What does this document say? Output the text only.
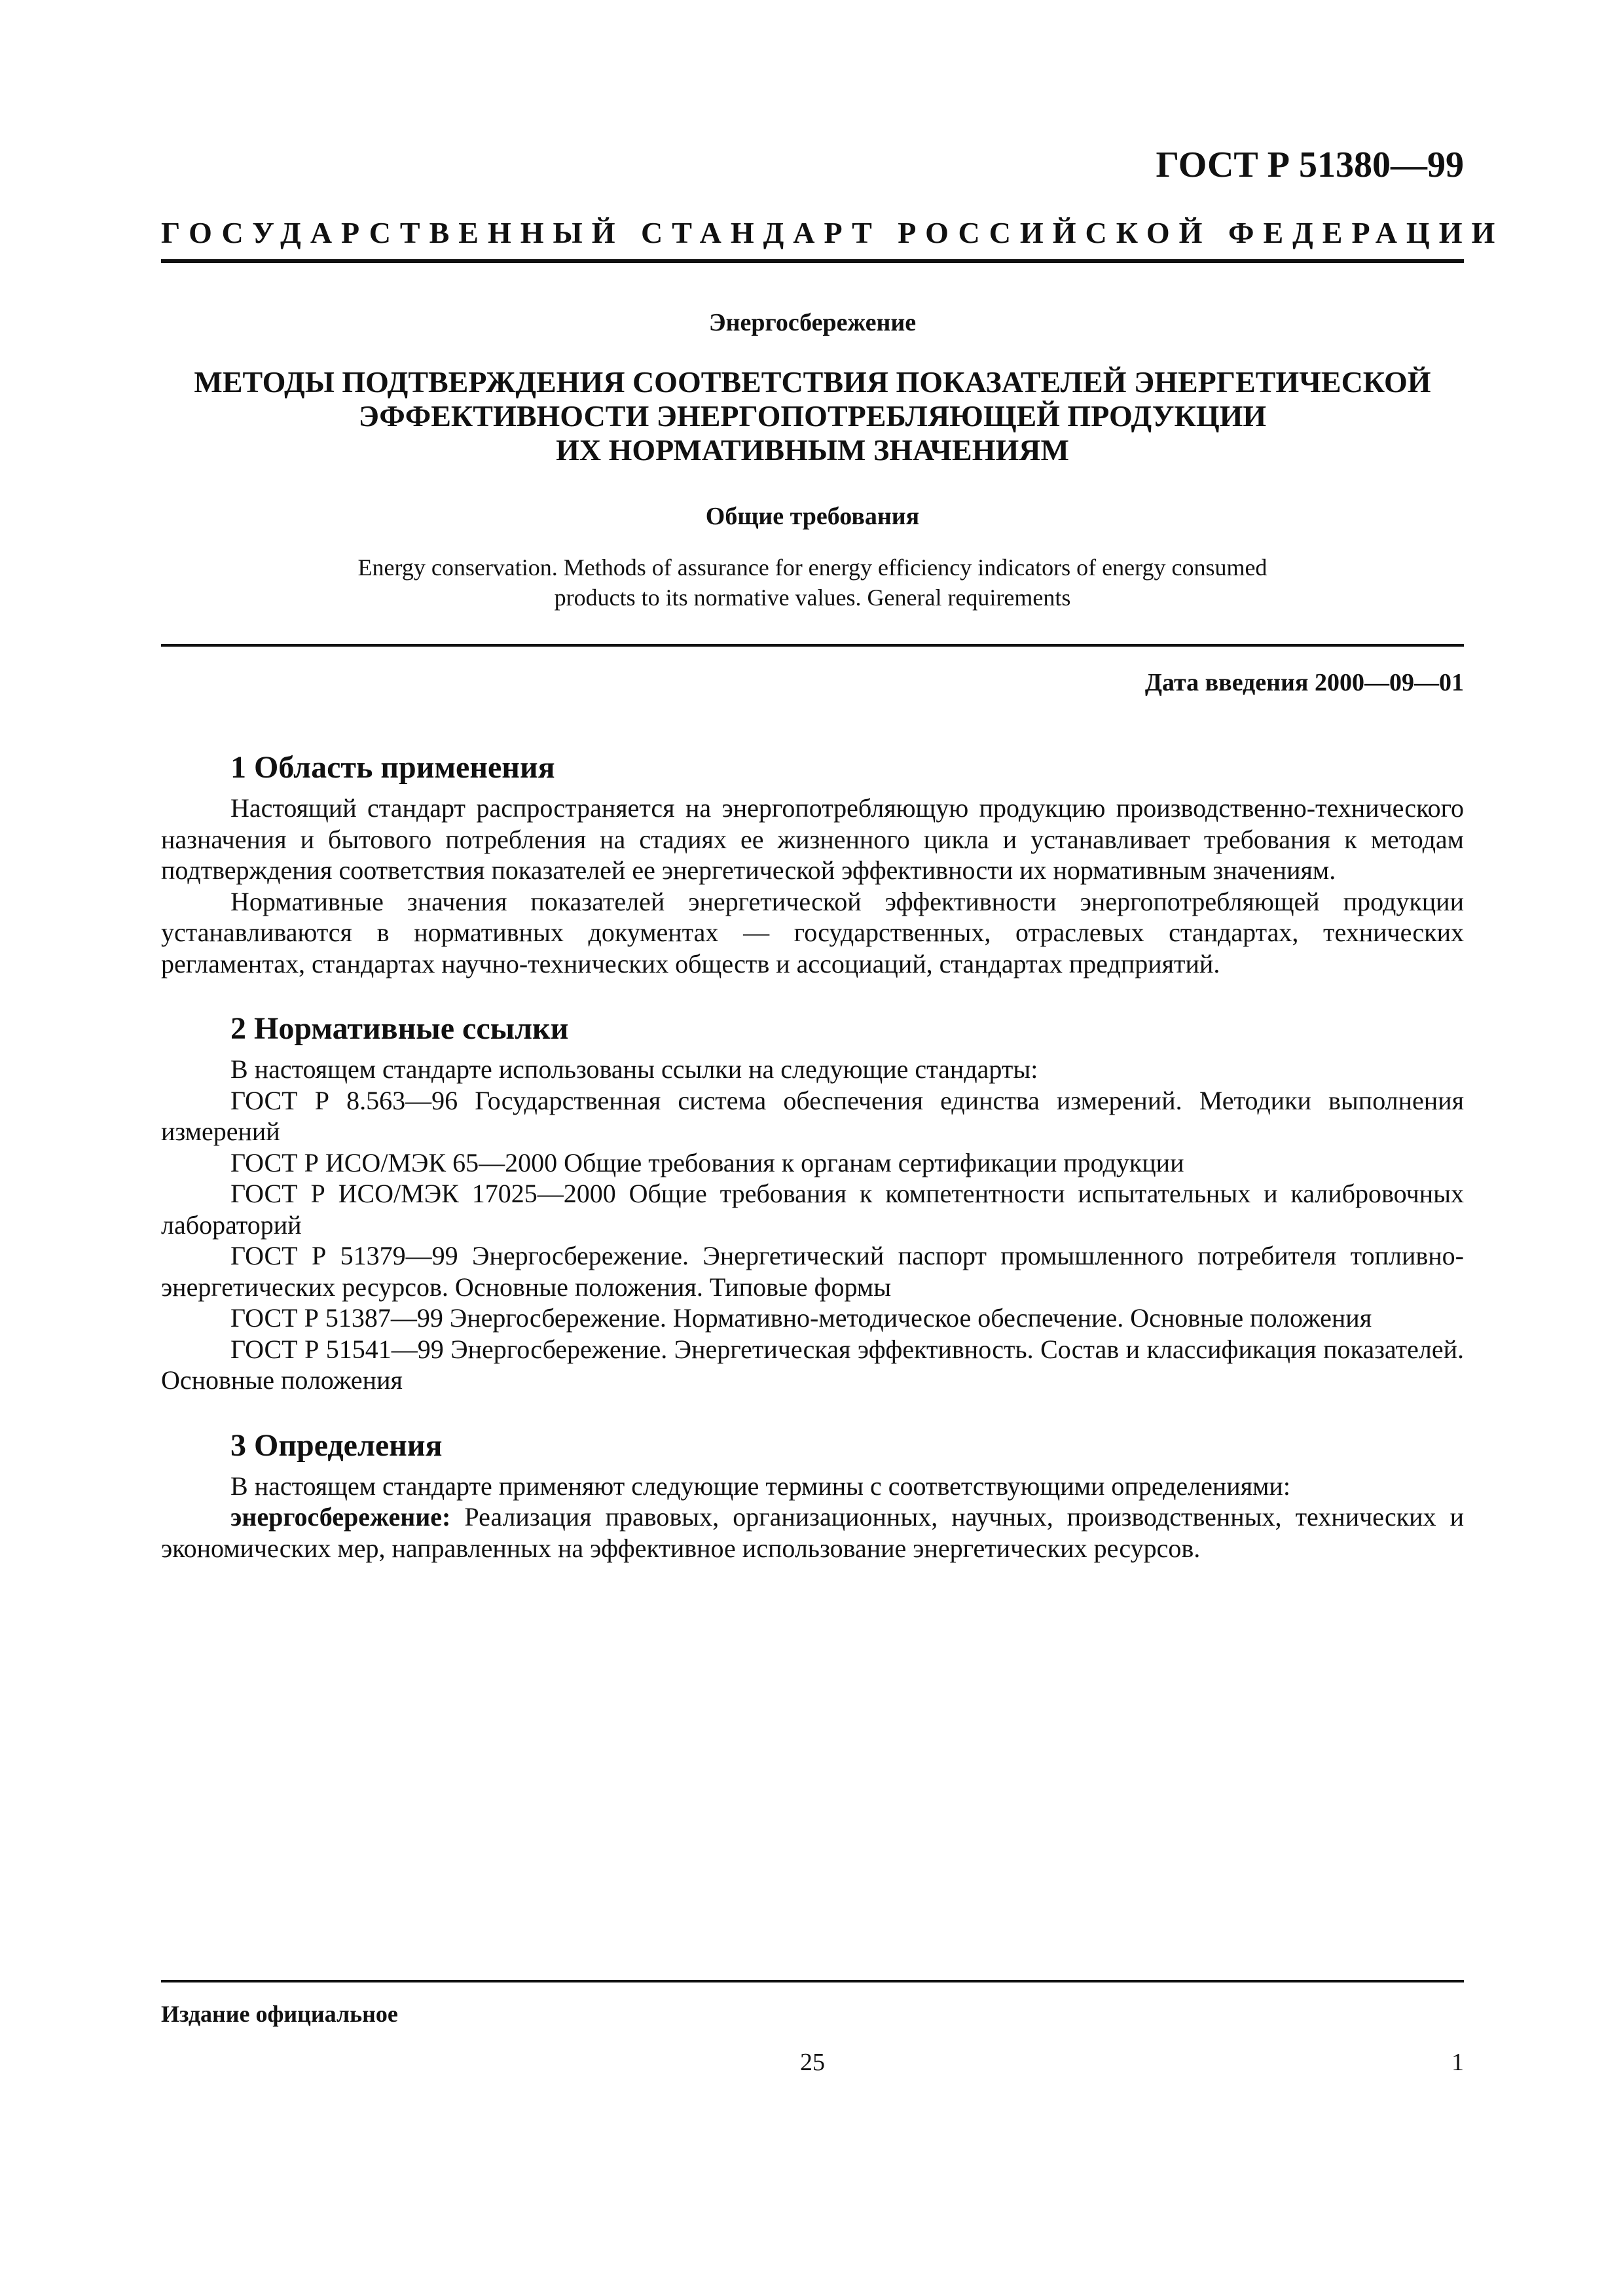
ГОСТ Р 51380—99
ГОСУДАРСТВЕННЫЙ СТАНДАРТ РОССИЙСКОЙ ФЕДЕРАЦИИ
Энергосбережение
МЕТОДЫ ПОДТВЕРЖДЕНИЯ СООТВЕТСТВИЯ ПОКАЗАТЕЛЕЙ ЭНЕРГЕТИЧЕСКОЙ
ЭФФЕКТИВНОСТИ ЭНЕРГОПОТРЕБЛЯЮЩЕЙ ПРОДУКЦИИ
ИХ НОРМАТИВНЫМ ЗНАЧЕНИЯМ
Общие требования
Energy conservation. Methods of assurance for energy efficiency indicators of energy consumed
products to its normative values. General requirements
Дата введения 2000—09—01
1 Область применения

Настоящий стандарт распространяется на энергопотребляющую продукцию производственно-технического назначения и бытового потребления на стадиях ее жизненного цикла и устанавливает требования к методам подтверждения соответствия показателей ее энергетической эффективности их нормативным значениям.

Нормативные значения показателей энергетической эффективности энергопотребляющей продукции устанавливаются в нормативных документах — государственных, отраслевых стандартах, технических регламентах, стандартах научно-технических обществ и ассоциаций, стандартах предприятий.

2 Нормативные ссылки

В настоящем стандарте использованы ссылки на следующие стандарты:

ГОСТ Р 8.563—96 Государственная система обеспечения единства измерений. Методики выполнения измерений

ГОСТ Р ИСО/МЭК 65—2000 Общие требования к органам сертификации продукции

ГОСТ Р ИСО/МЭК 17025—2000 Общие требования к компетентности испытательных и калибровочных лабораторий

ГОСТ Р 51379—99 Энергосбережение. Энергетический паспорт промышленного потребителя топливно-энергетических ресурсов. Основные положения. Типовые формы

ГОСТ Р 51387—99 Энергосбережение. Нормативно-методическое обеспечение. Основные положения

ГОСТ Р 51541—99 Энергосбережение. Энергетическая эффективность. Состав и классификация показателей. Основные положения

3 Определения

В настоящем стандарте применяют следующие термины с соответствующими определениями:

энергосбережение: Реализация правовых, организационных, научных, производственных, технических и экономических мер, направленных на эффективное использование энергетических ресурсов.

Издание официальное
25	1
